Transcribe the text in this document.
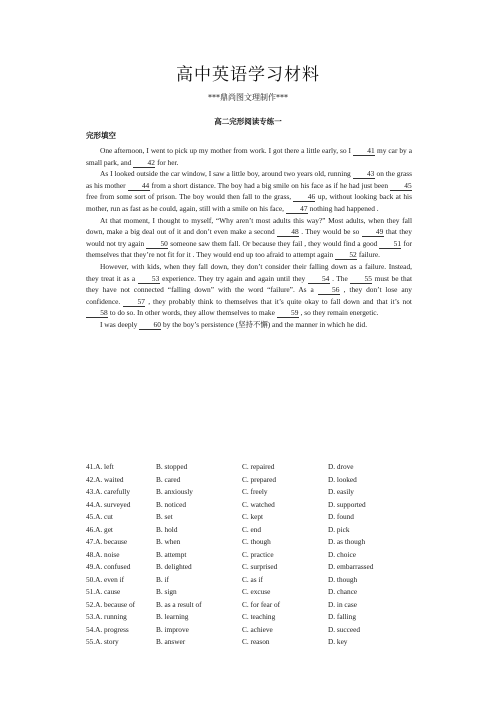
高中英语学习材料
***鼎尚图文理制作***
高二完形阅读专练一
完形填空

One afternoon, I went to pick up my mother from work. I got there a little early, so I 41 my car by a small park, and 42 for her.

As I looked outside the car window, I saw a little boy, around two years old, running 43 on the grass as his mother 44 from a short distance. The boy had a big smile on his face as if he had just been 45 free from some sort of prison. The boy would then fall to the grass, 46 up, without looking back at his mother, run as fast as he could, again, still with a smile on his face, 47 nothing had happened .

At that moment, I thought to myself, “Why aren’t most adults this way?” Most adults, when they fall down, make a big deal out of it and don’t even make a second 48 . They would be so 49 that they would not try again 50 someone saw them fall. Or because they fail , they would find a good 51 for themselves that they’re not fit for it . They would end up too afraid to attempt again 52 failure.

However, with kids, when they fall down, they don’t consider their falling down as a failure. Instead, they treat it as a 53 experience. They try again and again until they 54 . The 55 must be that they have not connected “falling down” with the word “failure”. As a 56 , they don’t lose any confidence. 57 , they probably think to themselves that it’s quite okay to fall down and that it’s not 58 to do so. In other words, they allow themselves to make 59 , so they remain energetic.

I was deeply 60 by the boy’s persistence (坚持不懈) and the manner in which he did.

41.A. left	B. stopped	C. repaired	D. drove
42.A. waited	B. cared	C. prepared	D. looked
43.A. carefully	B. anxiously	C. freely	D. easily
44.A. surveyed	B. noticed	C. watched	D. supported
45.A. cut	B. set	C. kept	D. found
46.A. get	B. hold	C. end	D. pick
47.A. because	B. when	C. though	D. as though
48.A. noise	B. attempt	C. practice	D. choice
49.A. confused	B. delighted	C. surprised	D. embarrassed
50.A. even if	B. if	C. as if	D. though
51.A. cause	B. sign	C. excuse	D. chance
52.A. because of	B. as a result of	C. for fear of	D. in case
53.A. running	B. learning	C. teaching	D. falling
54.A. progress	B. improve	C. achieve	D. succeed
55.A. story	B. answer	C. reason	D. key
